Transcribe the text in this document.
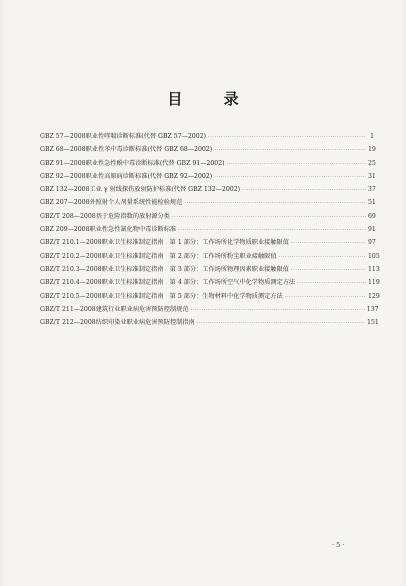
目 录
GBZ 57—2008 职业性哮喘诊断标准(代替 GBZ 57—2002) ·····	1
GBZ 68—2008 职业性苯中毒诊断标准(代替 GBZ 68—2002) ·····	19
GBZ 91—2008 职业性急性酚中毒诊断标准(代替 GBZ 91—2002) ·····	25
GBZ 92—2008 职业性高原病诊断标准(代替 GBZ 92—2002) ·····	31
GBZ 132—2008 工业 γ 射线探伤放射防护标准(代替 GBZ 132—2002) ·····	37
GBZ 207—2008 外照射个人剂量系统性能检验规范 ·····	51
GBZ/T 208—2008 基于危险指数的放射源分类 ·····	69
GBZ 209—2008 职业性急性氰化物中毒诊断标准 ·····	91
GBZ/T 210.1—2008 职业卫生标准制定指南　第 1 部分：工作场所化学物质职业接触限值 ·····	97
GBZ/T 210.2—2008 职业卫生标准制定指南　第 2 部分：工作场所粉尘职业接触限值 ·····	105
GBZ/T 210.3—2008 职业卫生标准制定指南　第 3 部分：工作场所物理因素职业接触限值 ·····	113
GBZ/T 210.4—2008 职业卫生标准制定指南　第 4 部分：工作场所空气中化学物质测定方法 ·····	119
GBZ/T 210.5—2008 职业卫生标准制定指南　第 5 部分：生物材料中化学物质测定方法 ·····	129
GBZ/T 211—2008 建筑行业职业病危害预防控制规范 ·····	137
GBZ/T 212—2008 纺织印染业职业病危害预防控制指南 ·····	151
· 5 ·
